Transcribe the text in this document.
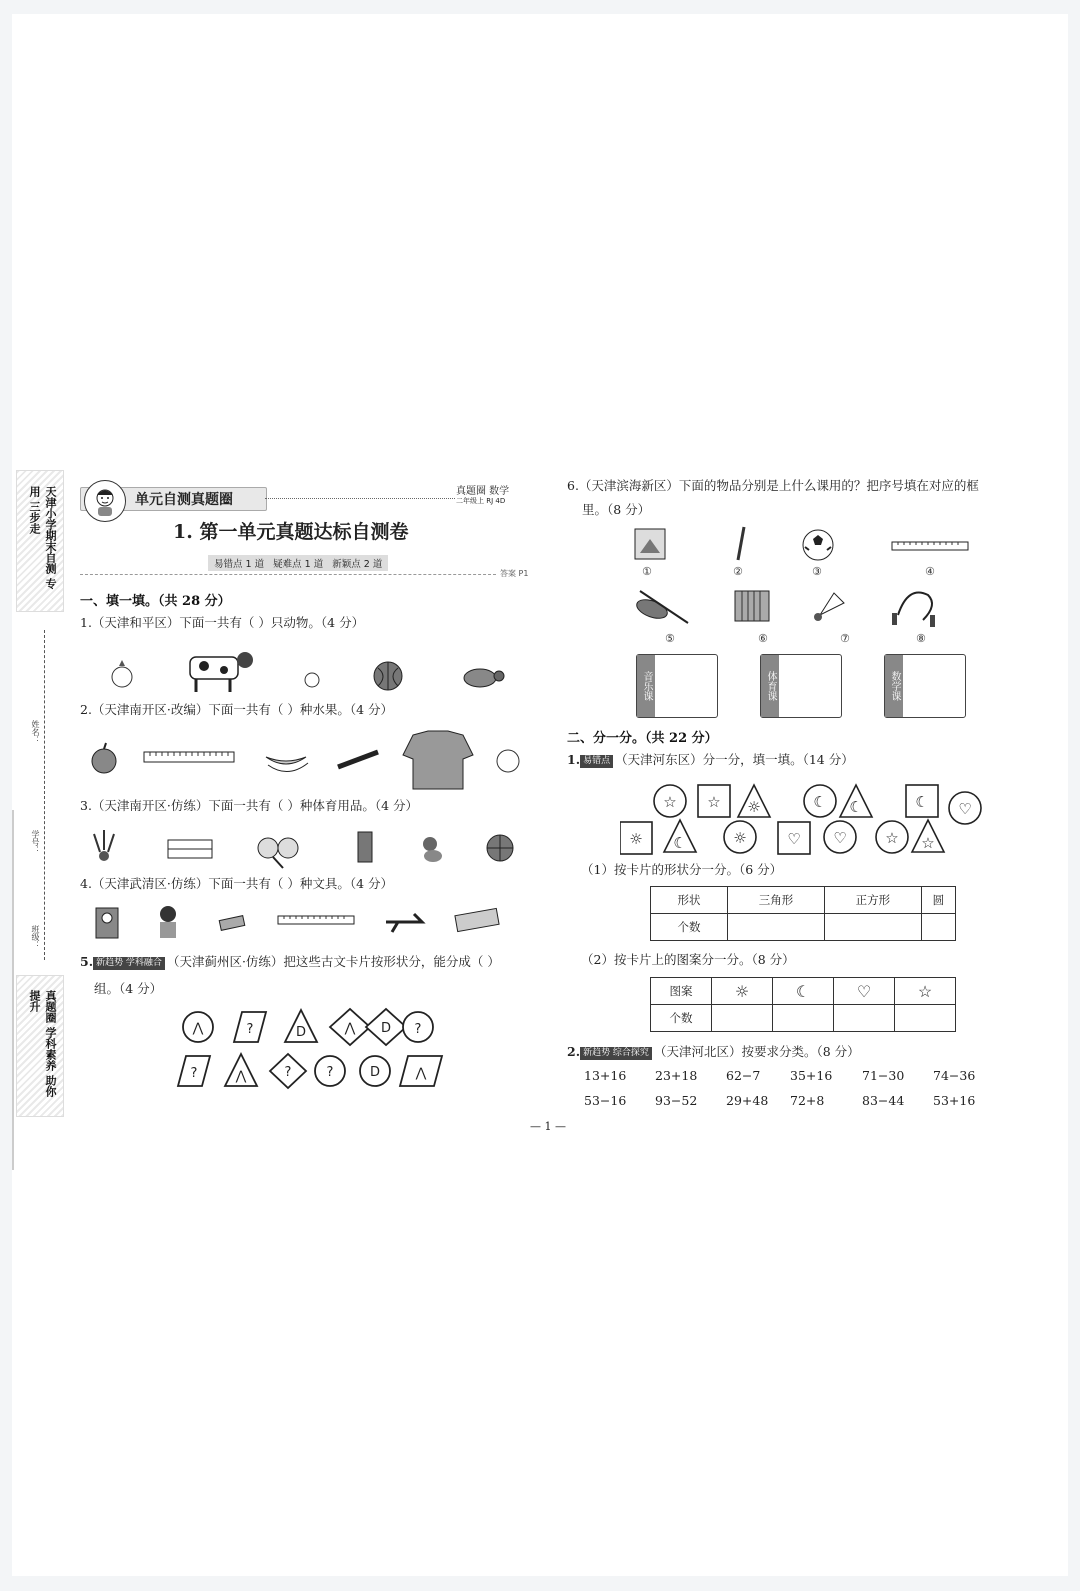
天津小学期末自测 专用 三步走
真题圈 学科素养 助你提升
姓名：
学号：
班级：
单元自测真题圈
真题圈 数学
二年级上 RJ 4D
1. 第一单元真题达标自测卷
易错点 1 道   疑难点 1 道   新颖点 2 道
答案 P1
一、填一填。（共 28 分）
1.（天津和平区）下面一共有（ ）只动物。（4 分）
2.（天津南开区·改编）下面一共有（ ）种水果。（4 分）
3.（天津南开区·仿练）下面一共有（ ）种体育用品。（4 分）
4.（天津武清区·仿练）下面一共有（ ）种文具。（4 分）
5. 新趋势 学科融合 （天津蓟州区·仿练）把这些古文卡片按形状分，能分成（ ）
组。（4 分）
⋀	?	D	⋀ D ?
?	⋀	?	?	D	⋀
6.（天津滨海新区）下面的物品分别是上什么课用的？把序号填在对应的框
里。（8 分）
①	②	③	④
⑤	⑥	⑦	⑧
音乐课	体育课	数学课
二、分一分。（共 22 分）
1. 易错点 （天津河东区）分一分，填一填。（14 分）
☆ ☆ ☼	☾ ☾	☾ ♡
☼ ☾	☼	♡ ♡	☆ ☆
（1）按卡片的形状分一分。（6 分）
形状	三角形	正方形	圆
个数			
（2）按卡片上的图案分一分。（8 分）
图案	☼	☾	♡	☆
个数				
2. 新趋势 综合探究 （天津河北区）按要求分类。（8 分）
13+16 23+18 62−7 35+16 71−30 74−36
53−16 93−52 29+48 72+8	83−44 53+16
— 1 —
